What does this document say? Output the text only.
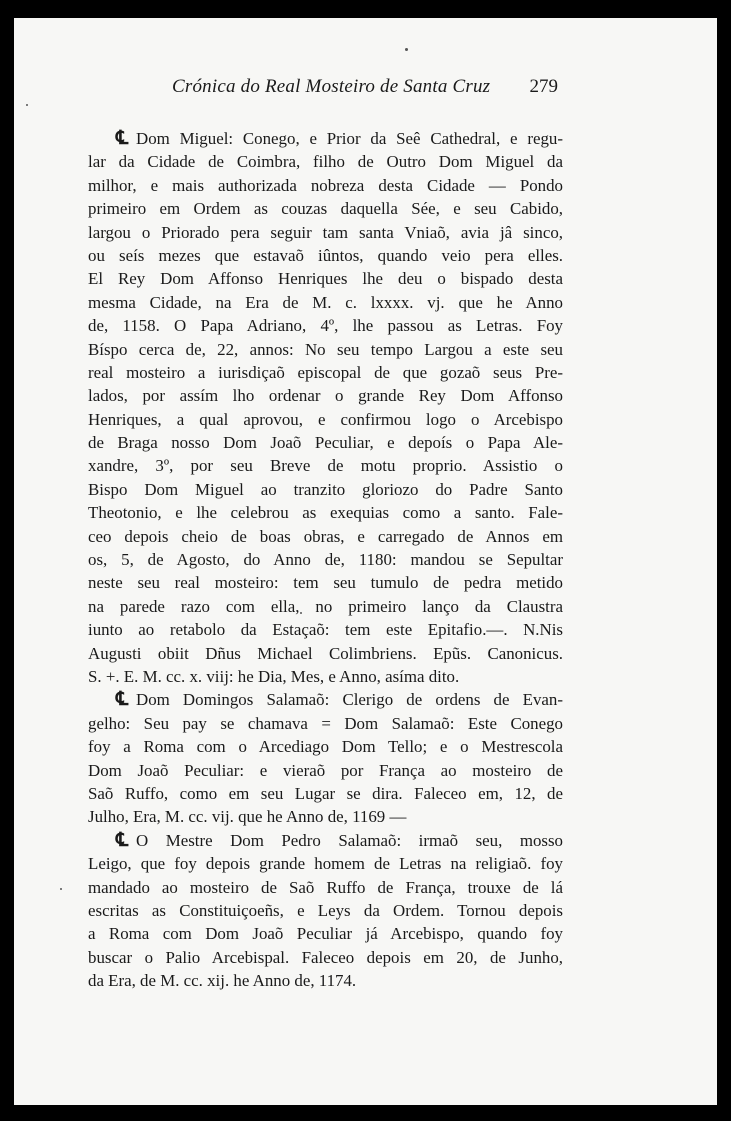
Crónica do Real Mosteiro de Santa Cruz 279
℄ Dom Miguel: Conego, e Prior da Seê Cathedral, e regu-
lar da Cidade de Coimbra, filho de Outro Dom Miguel da
milhor, e mais authorizada nobreza desta Cidade — Pondo
primeiro em Ordem as couzas daquella Sée, e seu Cabido,
largou o Priorado pera seguir tam santa Vniaõ, avia jâ sinco,
ou seís mezes que estavaõ iûntos, quando veio pera elles.
El Rey Dom Affonso Henriques lhe deu o bispado desta
mesma Cidade, na Era de M. c. lxxxx. vj. que he Anno
de, 1158. O Papa Adriano, 4º, lhe passou as Letras. Foy
Bíspo cerca de, 22, annos: No seu tempo Largou a este seu
real mosteiro a iurisdiçaõ episcopal de que gozaõ seus Pre-
lados, por assím lho ordenar o grande Rey Dom Affonso
Henriques, a qual aprovou, e confirmou logo o Arcebispo
de Braga nosso Dom Joaõ Peculiar, e depoís o Papa Ale-
xandre, 3º, por seu Breve de motu proprio. Assistio o
Bispo Dom Miguel ao tranzito gloriozo do Padre Santo
Theotonio, e lhe celebrou as exequias como a santo. Fale-
ceo depois cheio de boas obras, e carregado de Annos em
os, 5, de Agosto, do Anno de, 1180: mandou se Sepultar
neste seu real mosteiro: tem seu tumulo de pedra metido
na parede razo com ella, no primeiro lanço da Claustra
iunto ao retabolo da Estaçaõ: tem este Epitafio.—. N.Nis
Augusti obiit Dñus Michael Colimbriens. Epũs. Canonicus.
S. +. E. M. cc. x. viij: he Dia, Mes, e Anno, asíma dito.
℄ Dom Domingos Salamaõ: Clerigo de ordens de Evan-
gelho: Seu pay se chamava = Dom Salamaõ: Este Conego
foy a Roma com o Arcediago Dom Tello; e o Mestrescola
Dom Joaõ Peculiar: e vieraõ por França ao mosteiro de
Saõ Ruffo, como em seu Lugar se dira. Faleceo em, 12, de
Julho, Era, M. cc. vij. que he Anno de, 1169 —
℄ O Mestre Dom Pedro Salamaõ: irmaõ seu, mosso
Leigo, que foy depois grande homem de Letras na religiaõ. foy
mandado ao mosteiro de Saõ Ruffo de França, trouxe de lá
escritas as Constituiçoeñs, e Leys da Ordem. Tornou depois
a Roma com Dom Joaõ Peculiar já Arcebispo, quando foy
buscar o Palio Arcebispal. Faleceo depois em 20, de Junho,
da Era, de M. cc. xij. he Anno de, 1174.
